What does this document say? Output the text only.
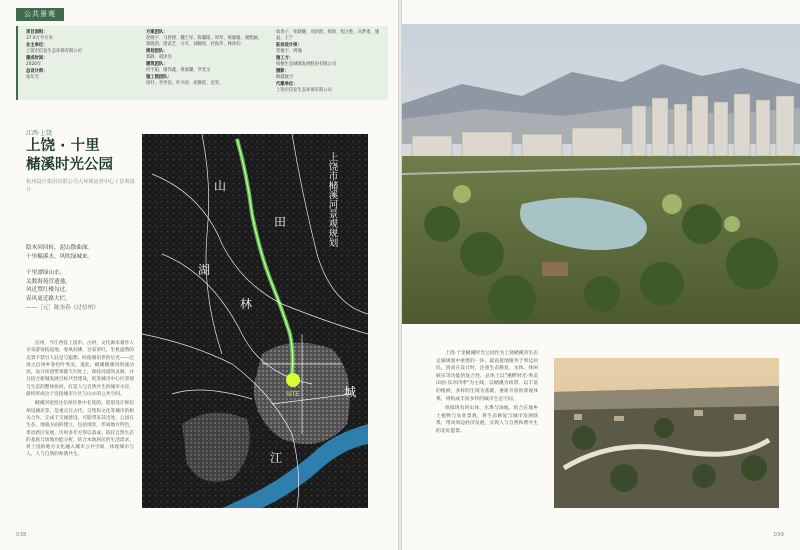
公共景观
项目面积：
37.9万平方米
业主单位：
上饶市信发生态环保有限公司
建成时间：
2020年
总设计师：
张东光
方案团队：
赵晓宇、马智捷、魏士军、陈馨阳、周琴、欧媛媛、谢凯颖、郑晓茵、唐武艺、方可、刘婉瑶、杜海齐、林冰钧
规划团队：
郭静、胡泽洋
建筑团队：
何宇韬、谢伟鑫、黄嘉璐、罗奕文
施工图团队：
徐钎、李世昆、叶兴再、胡静依、沈笑、
翁春子、张晓璐、刘洁群、郝晗、程之胜、冯梦遥、施晶、王宁
驻场设计师：
贺俊宇、周瑜
施工方：
柏桐生态城镇发展股份有限公司
摄影：
顾越航空
代建单位：
上饶市信发生态环保有限公司
江西·上饶
上饶 · 十里
槠溪时光公园
杭州设计集团有限公司大环境运营中心 / 景观设计
隐木回回转，泥山散曲深。
十里槠溪水，风吹绿城来。
千里漂绿山水，
关数海苑营遗弛。
风近置红楼勾过，
春风更近路大烂。
——［元］陈奎春《过信州》

信州，今江西省上饶市。古时，文化源来兼作人亲采游客枝起地，春风轻拂，百家荣红，生机盎然的美景不禁引人驻足与遐想。时值晴旧世的后光——过再之信州乡春色叶秀美，遂此，槠溪槠溪河的流动处，设计该团带领都天归处上，保持河道的灵阔，并且结合新城发展目标共营建设，促进城市中心区景观与生态的整体协同，打造人与自然共生的城市水岸，最终形成这个连接城市片区与山水的公共空间。

槠溪河宽度达信州区供中长度的，恩思设计师信州设城北等，是重点在古代，交集和文化等城市的相关合作，完成于交通建设，可能带来其出处，公园在生态、地貌方面的建立，包括现状，形成地方特色，带动新区发展，历时多年方得以落成。依托自然生态的基底与场地功能分析，结合本地居民的生活需求，将上饶的地方文化融入城市公共空间，体现城市与人，人与自然的和谐共生。

SITE
山
田
湖
林
城
江
上饶市槠溪河景观规划
038

上饶·十里槠溪时光公园作为上饶槠溪河生态走廊规划中重要的一环，最直接地服务于周边居民，因而在设计时，注重生态修复、水体、休闲娱乐等功能的复合性。总体上以"溪畔时光·秀美田园·乐享四季"为主线，以槠溪为纽带、以丰富的植被、多样的生境为基础，重新开放的景观体系，将构成丰富多样的城市生态空间。

保留现有的山体、水系与场地，结合在地乡土植物与农业景观，将生态修复与城市发展联系，带动周边经济发展，实现人与自然和谐共生的美好愿景。

039
